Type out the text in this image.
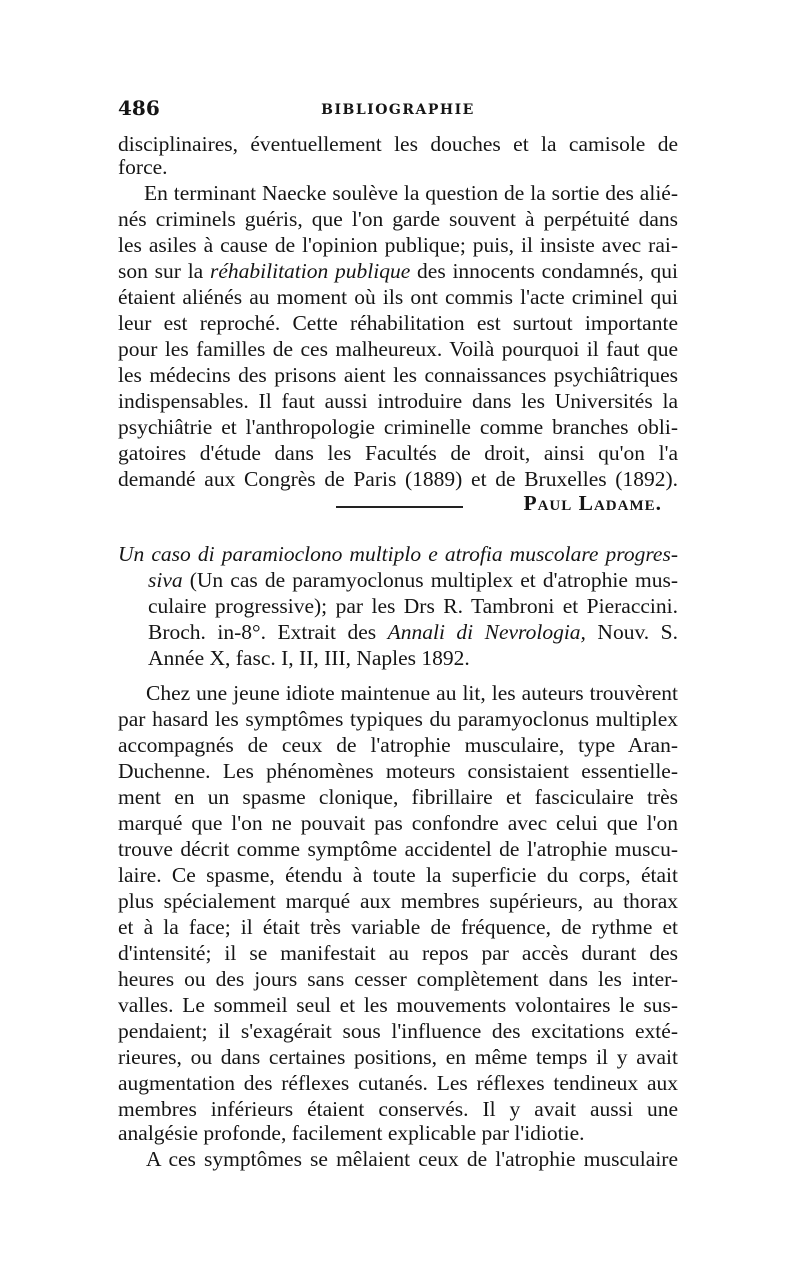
486	BIBLIOGRAPHIE

disciplinaires, éventuellement les douches et la camisole de

force.

En terminant Naecke soulève la question de la sortie des alié-

nés criminels guéris, que l'on garde souvent à perpétuité dans

les asiles à cause de l'opinion publique; puis, il insiste avec rai-

son sur la réhabilitation publique des innocents condamnés, qui

étaient aliénés au moment où ils ont commis l'acte criminel qui

leur est reproché. Cette réhabilitation est surtout importante

pour les familles de ces malheureux. Voilà pourquoi il faut que

les médecins des prisons aient les connaissances psychiâtriques

indispensables. Il faut aussi introduire dans les Universités la

psychiâtrie et l'anthropologie criminelle comme branches obli-

gatoires d'étude dans les Facultés de droit, ainsi qu'on l'a

demandé aux Congrès de Paris (1889) et de Bruxelles (1892).

Paul Ladame.

Un caso di paramioclono multiplo e atrofia muscolare progres-

siva (Un cas de paramyoclonus multiplex et d'atrophie mus-

culaire progressive); par les Drs R. Tambroni et Pieraccini.

Broch. in-8°. Extrait des Annali di Nevrologia, Nouv. S.

Année X, fasc. I, II, III, Naples 1892.

Chez une jeune idiote maintenue au lit, les auteurs trouvèrent

par hasard les symptômes typiques du paramyoclonus multiplex

accompagnés de ceux de l'atrophie musculaire, type Aran-

Duchenne. Les phénomènes moteurs consistaient essentielle-

ment en un spasme clonique, fibrillaire et fasciculaire très

marqué que l'on ne pouvait pas confondre avec celui que l'on

trouve décrit comme symptôme accidentel de l'atrophie muscu-

laire. Ce spasme, étendu à toute la superficie du corps, était

plus spécialement marqué aux membres supérieurs, au thorax

et à la face; il était très variable de fréquence, de rythme et

d'intensité; il se manifestait au repos par accès durant des

heures ou des jours sans cesser complètement dans les inter-

valles. Le sommeil seul et les mouvements volontaires le sus-

pendaient; il s'exagérait sous l'influence des excitations exté-

rieures, ou dans certaines positions, en même temps il y avait

augmentation des réflexes cutanés. Les réflexes tendineux aux

membres inférieurs étaient conservés. Il y avait aussi une

analgésie profonde, facilement explicable par l'idiotie.

A ces symptômes se mêlaient ceux de l'atrophie musculaire
